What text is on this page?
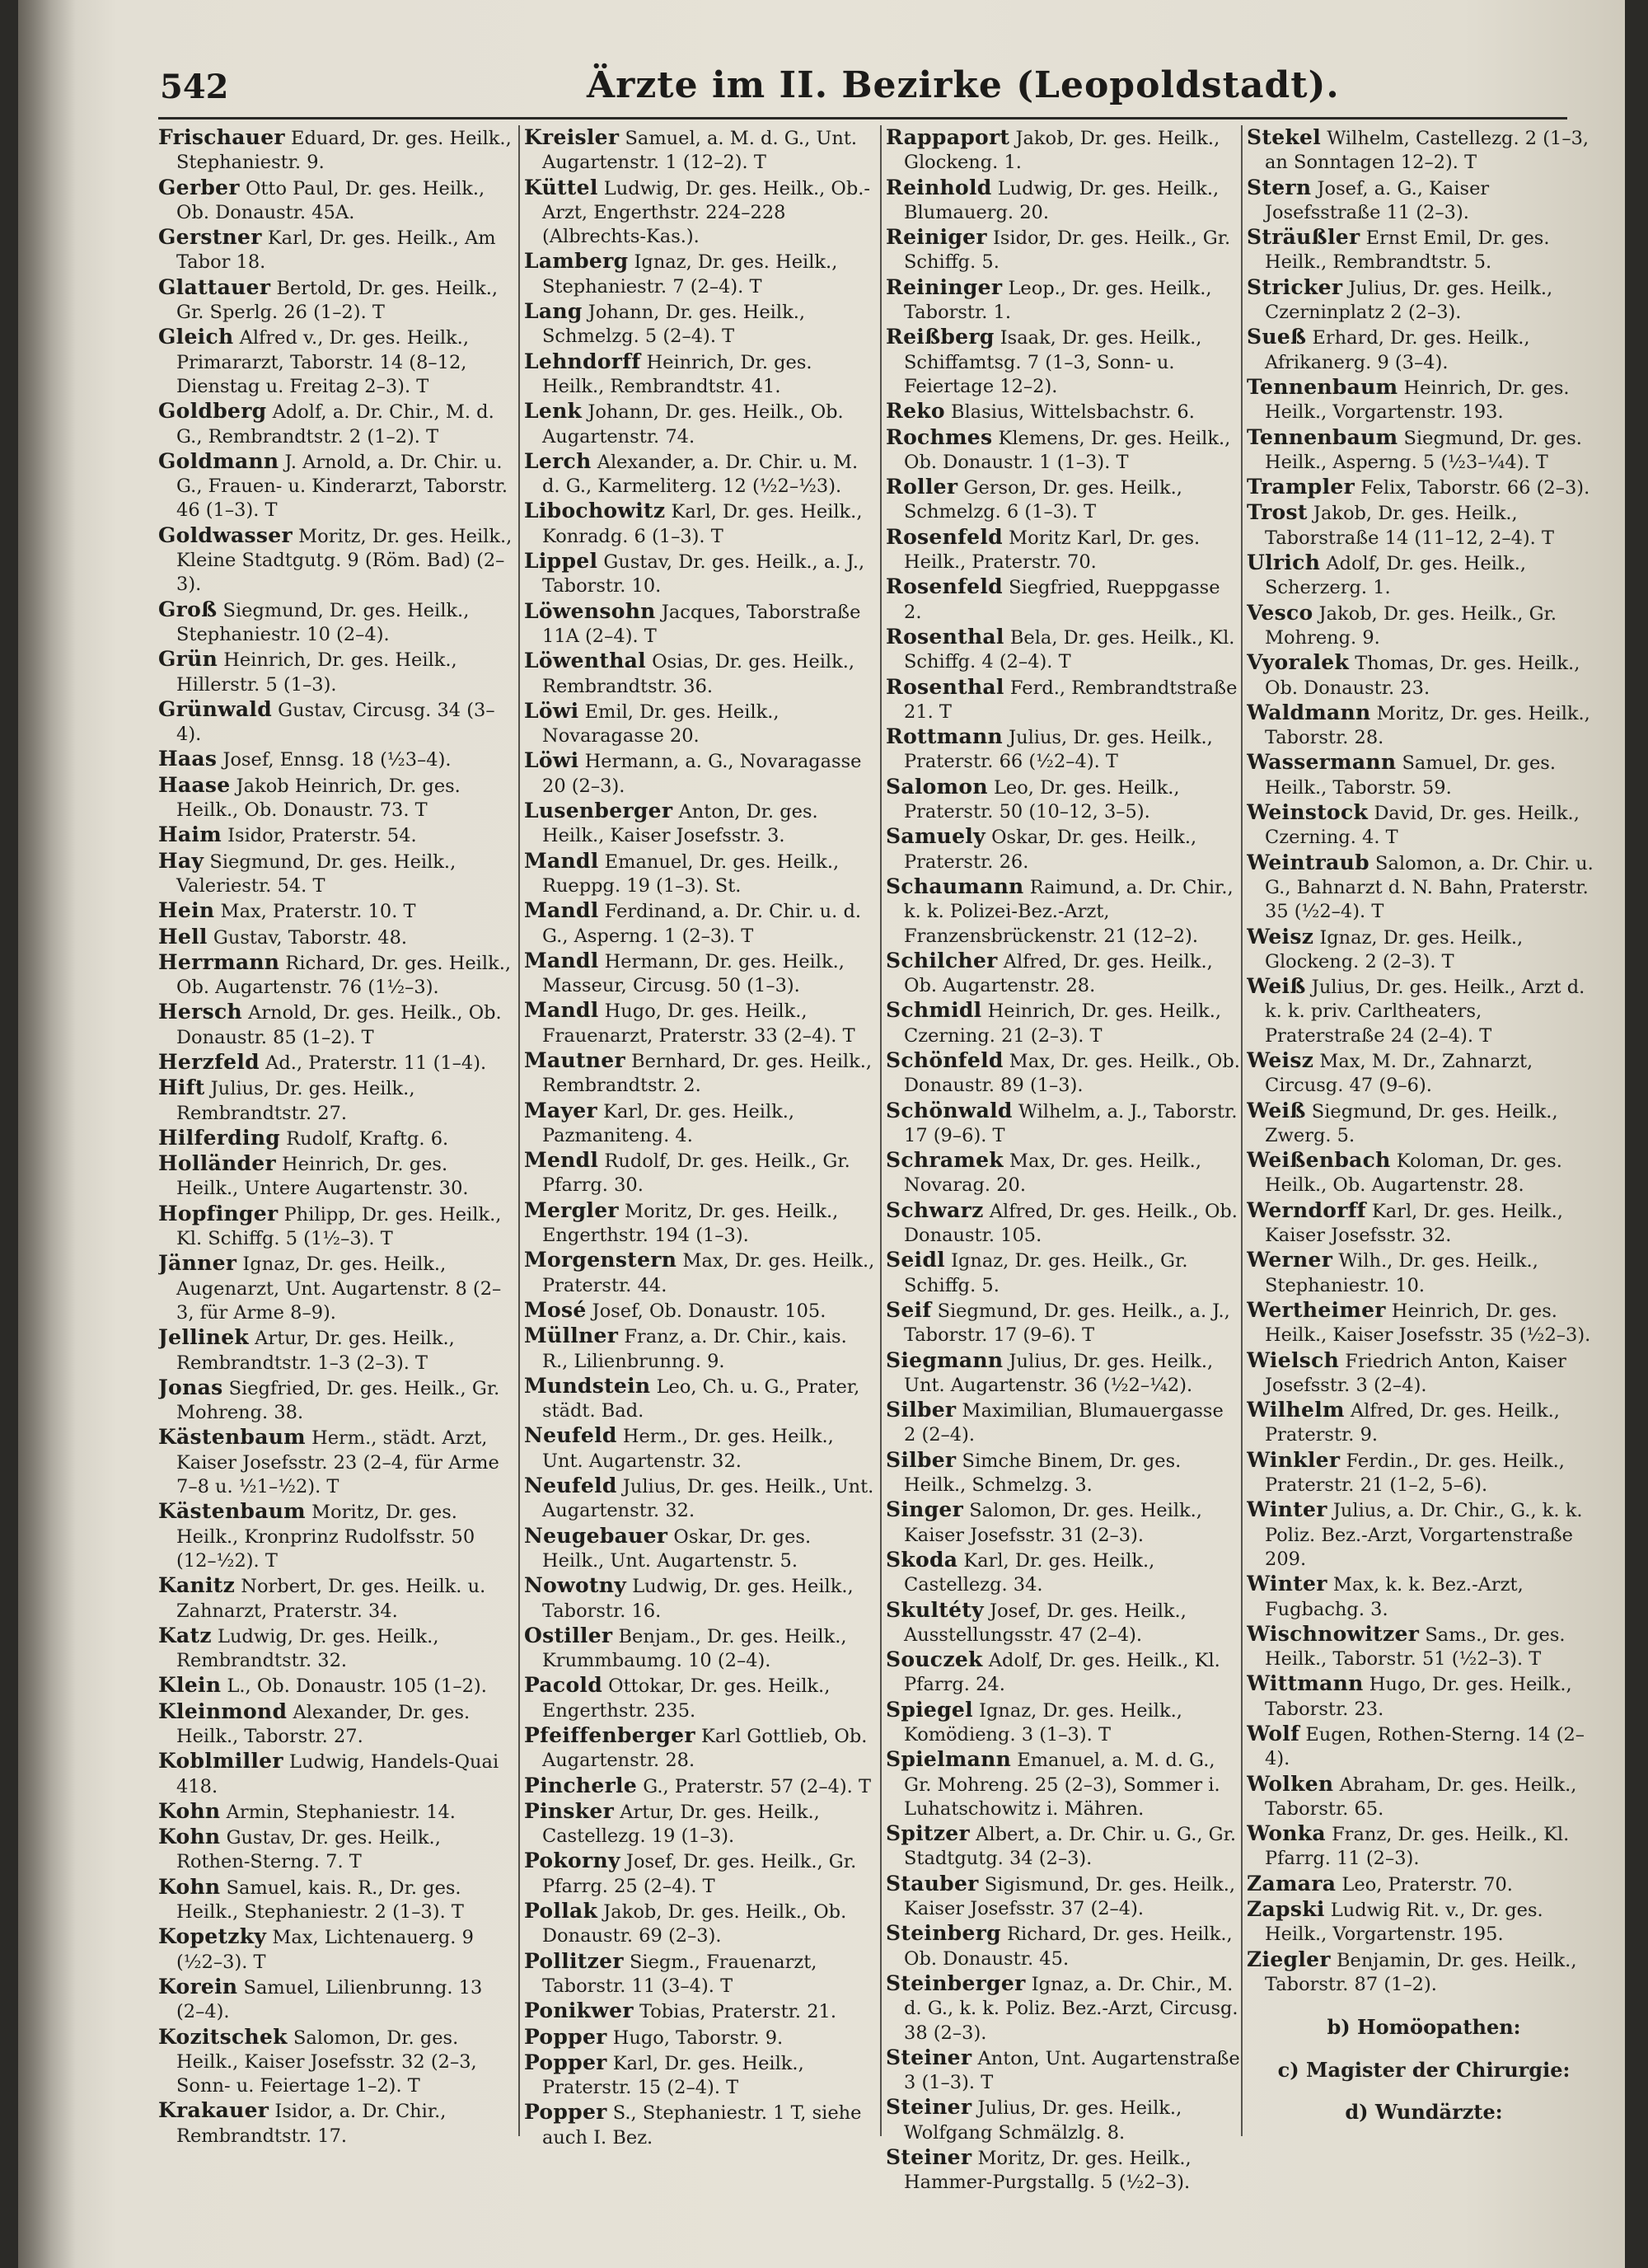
542	Ärzte im II. Bezirke (Leopoldstadt).

Frischauer Eduard, Dr. ges. Heilk., Stephaniestr. 9.

Gerber Otto Paul, Dr. ges. Heilk., Ob. Donaustr. 45A.

Gerstner Karl, Dr. ges. Heilk., Am Tabor 18.

Glattauer Bertold, Dr. ges. Heilk., Gr. Sperlg. 26 (1–2). T

Gleich Alfred v., Dr. ges. Heilk., Primararzt, Taborstr. 14 (8–12, Dienstag u. Freitag 2–3). T

Goldberg Adolf, a. Dr. Chir., M. d. G., Rembrandtstr. 2 (1–2). T

Goldmann J. Arnold, a. Dr. Chir. u. G., Frauen- u. Kinderarzt, Taborstr. 46 (1–3). T

Goldwasser Moritz, Dr. ges. Heilk., Kleine Stadtgutg. 9 (Röm. Bad) (2–3).

Groß Siegmund, Dr. ges. Heilk., Stephaniestr. 10 (2–4).

Grün Heinrich, Dr. ges. Heilk., Hillerstr. 5 (1–3).

Grünwald Gustav, Circusg. 34 (3–4).

Haas Josef, Ennsg. 18 (½3–4).

Haase Jakob Heinrich, Dr. ges. Heilk., Ob. Donaustr. 73. T

Haim Isidor, Praterstr. 54.

Hay Siegmund, Dr. ges. Heilk., Valeriestr. 54. T

Hein Max, Praterstr. 10. T

Hell Gustav, Taborstr. 48.

Herrmann Richard, Dr. ges. Heilk., Ob. Augartenstr. 76 (1½–3).

Hersch Arnold, Dr. ges. Heilk., Ob. Donaustr. 85 (1–2). T

Herzfeld Ad., Praterstr. 11 (1–4).

Hift Julius, Dr. ges. Heilk., Rembrandtstr. 27.

Hilferding Rudolf, Kraftg. 6.

Holländer Heinrich, Dr. ges. Heilk., Untere Augartenstr. 30.

Hopfinger Philipp, Dr. ges. Heilk., Kl. Schiffg. 5 (1½–3). T

Jänner Ignaz, Dr. ges. Heilk., Augenarzt, Unt. Augartenstr. 8 (2–3, für Arme 8–9).

Jellinek Artur, Dr. ges. Heilk., Rembrandtstr. 1–3 (2–3). T

Jonas Siegfried, Dr. ges. Heilk., Gr. Mohreng. 38.

Kästenbaum Herm., städt. Arzt, Kaiser Josefsstr. 23 (2–4, für Arme 7–8 u. ½1–½2). T

Kästenbaum Moritz, Dr. ges. Heilk., Kronprinz Rudolfsstr. 50 (12–½2). T

Kanitz Norbert, Dr. ges. Heilk. u. Zahnarzt, Praterstr. 34.

Katz Ludwig, Dr. ges. Heilk., Rembrandtstr. 32.

Klein L., Ob. Donaustr. 105 (1–2).

Kleinmond Alexander, Dr. ges. Heilk., Taborstr. 27.

Koblmiller Ludwig, Handels-Quai 418.

Kohn Armin, Stephaniestr. 14.

Kohn Gustav, Dr. ges. Heilk., Rothen-Sterng. 7. T

Kohn Samuel, kais. R., Dr. ges. Heilk., Stephaniestr. 2 (1–3). T

Kopetzky Max, Lichtenauerg. 9 (½2–3). T

Korein Samuel, Lilienbrunng. 13 (2–4).

Kozitschek Salomon, Dr. ges. Heilk., Kaiser Josefsstr. 32 (2–3, Sonn- u. Feiertage 1–2). T

Krakauer Isidor, a. Dr. Chir., Rembrandtstr. 17.

Kreisler Samuel, a. M. d. G., Unt. Augartenstr. 1 (12–2). T

Küttel Ludwig, Dr. ges. Heilk., Ob.-Arzt, Engerthstr. 224–228 (Albrechts-Kas.).

Lamberg Ignaz, Dr. ges. Heilk., Stephaniestr. 7 (2–4). T

Lang Johann, Dr. ges. Heilk., Schmelzg. 5 (2–4). T

Lehndorff Heinrich, Dr. ges. Heilk., Rembrandtstr. 41.

Lenk Johann, Dr. ges. Heilk., Ob. Augartenstr. 74.

Lerch Alexander, a. Dr. Chir. u. M. d. G., Karmeliterg. 12 (½2–½3).

Libochowitz Karl, Dr. ges. Heilk., Konradg. 6 (1–3). T

Lippel Gustav, Dr. ges. Heilk., a. J., Taborstr. 10.

Löwensohn Jacques, Taborstraße 11A (2–4). T

Löwenthal Osias, Dr. ges. Heilk., Rembrandtstr. 36.

Löwi Emil, Dr. ges. Heilk., Novaragasse 20.

Löwi Hermann, a. G., Novaragasse 20 (2–3).

Lusenberger Anton, Dr. ges. Heilk., Kaiser Josefsstr. 3.

Mandl Emanuel, Dr. ges. Heilk., Rueppg. 19 (1–3). St.

Mandl Ferdinand, a. Dr. Chir. u. d. G., Asperng. 1 (2–3). T

Mandl Hermann, Dr. ges. Heilk., Masseur, Circusg. 50 (1–3).

Mandl Hugo, Dr. ges. Heilk., Frauenarzt, Praterstr. 33 (2–4). T

Mautner Bernhard, Dr. ges. Heilk., Rembrandtstr. 2.

Mayer Karl, Dr. ges. Heilk., Pazmaniteng. 4.

Mendl Rudolf, Dr. ges. Heilk., Gr. Pfarrg. 30.

Mergler Moritz, Dr. ges. Heilk., Engerthstr. 194 (1–3).

Morgenstern Max, Dr. ges. Heilk., Praterstr. 44.

Mosé Josef, Ob. Donaustr. 105.

Müllner Franz, a. Dr. Chir., kais. R., Lilienbrunng. 9.

Mundstein Leo, Ch. u. G., Prater, städt. Bad.

Neufeld Herm., Dr. ges. Heilk., Unt. Augartenstr. 32.

Neufeld Julius, Dr. ges. Heilk., Unt. Augartenstr. 32.

Neugebauer Oskar, Dr. ges. Heilk., Unt. Augartenstr. 5.

Nowotny Ludwig, Dr. ges. Heilk., Taborstr. 16.

Ostiller Benjam., Dr. ges. Heilk., Krummbaumg. 10 (2–4).

Pacold Ottokar, Dr. ges. Heilk., Engerthstr. 235.

Pfeiffenberger Karl Gottlieb, Ob. Augartenstr. 28.

Pincherle G., Praterstr. 57 (2–4). T

Pinsker Artur, Dr. ges. Heilk., Castellezg. 19 (1–3).

Pokorny Josef, Dr. ges. Heilk., Gr. Pfarrg. 25 (2–4). T

Pollak Jakob, Dr. ges. Heilk., Ob. Donaustr. 69 (2–3).

Pollitzer Siegm., Frauenarzt, Taborstr. 11 (3–4). T

Ponikwer Tobias, Praterstr. 21.

Popper Hugo, Taborstr. 9.

Popper Karl, Dr. ges. Heilk., Praterstr. 15 (2–4). T

Popper S., Stephaniestr. 1 T, siehe auch I. Bez.

Rappaport Jakob, Dr. ges. Heilk., Glockeng. 1.

Reinhold Ludwig, Dr. ges. Heilk., Blumauerg. 20.

Reiniger Isidor, Dr. ges. Heilk., Gr. Schiffg. 5.

Reininger Leop., Dr. ges. Heilk., Taborstr. 1.

Reißberg Isaak, Dr. ges. Heilk., Schiffamtsg. 7 (1–3, Sonn- u. Feiertage 12–2).

Reko Blasius, Wittelsbachstr. 6.

Rochmes Klemens, Dr. ges. Heilk., Ob. Donaustr. 1 (1–3). T

Roller Gerson, Dr. ges. Heilk., Schmelzg. 6 (1–3). T

Rosenfeld Moritz Karl, Dr. ges. Heilk., Praterstr. 70.

Rosenfeld Siegfried, Rueppgasse 2.

Rosenthal Bela, Dr. ges. Heilk., Kl. Schiffg. 4 (2–4). T

Rosenthal Ferd., Rembrandtstraße 21. T

Rottmann Julius, Dr. ges. Heilk., Praterstr. 66 (½2–4). T

Salomon Leo, Dr. ges. Heilk., Praterstr. 50 (10–12, 3–5).

Samuely Oskar, Dr. ges. Heilk., Praterstr. 26.

Schaumann Raimund, a. Dr. Chir., k. k. Polizei-Bez.-Arzt, Franzensbrückenstr. 21 (12–2).

Schilcher Alfred, Dr. ges. Heilk., Ob. Augartenstr. 28.

Schmidl Heinrich, Dr. ges. Heilk., Czerning. 21 (2–3). T

Schönfeld Max, Dr. ges. Heilk., Ob. Donaustr. 89 (1–3).

Schönwald Wilhelm, a. J., Taborstr. 17 (9–6). T

Schramek Max, Dr. ges. Heilk., Novarag. 20.

Schwarz Alfred, Dr. ges. Heilk., Ob. Donaustr. 105.

Seidl Ignaz, Dr. ges. Heilk., Gr. Schiffg. 5.

Seif Siegmund, Dr. ges. Heilk., a. J., Taborstr. 17 (9–6). T

Siegmann Julius, Dr. ges. Heilk., Unt. Augartenstr. 36 (½2–¼2).

Silber Maximilian, Blumauergasse 2 (2–4).

Silber Simche Binem, Dr. ges. Heilk., Schmelzg. 3.

Singer Salomon, Dr. ges. Heilk., Kaiser Josefsstr. 31 (2–3).

Skoda Karl, Dr. ges. Heilk., Castellezg. 34.

Skultéty Josef, Dr. ges. Heilk., Ausstellungsstr. 47 (2–4).

Souczek Adolf, Dr. ges. Heilk., Kl. Pfarrg. 24.

Spiegel Ignaz, Dr. ges. Heilk., Komödieng. 3 (1–3). T

Spielmann Emanuel, a. M. d. G., Gr. Mohreng. 25 (2–3), Sommer i. Luhatschowitz i. Mähren.

Spitzer Albert, a. Dr. Chir. u. G., Gr. Stadtgutg. 34 (2–3).

Stauber Sigismund, Dr. ges. Heilk., Kaiser Josefsstr. 37 (2–4).

Steinberg Richard, Dr. ges. Heilk., Ob. Donaustr. 45.

Steinberger Ignaz, a. Dr. Chir., M. d. G., k. k. Poliz. Bez.-Arzt, Circusg. 38 (2–3).

Steiner Anton, Unt. Augartenstraße 3 (1–3). T

Steiner Julius, Dr. ges. Heilk., Wolfgang Schmälzlg. 8.

Steiner Moritz, Dr. ges. Heilk., Hammer-Purgstallg. 5 (½2–3).

Stekel Wilhelm, Castellezg. 2 (1–3, an Sonntagen 12–2). T

Stern Josef, a. G., Kaiser Josefsstraße 11 (2–3).

Sträußler Ernst Emil, Dr. ges. Heilk., Rembrandtstr. 5.

Stricker Julius, Dr. ges. Heilk., Czerninplatz 2 (2–3).

Sueß Erhard, Dr. ges. Heilk., Afrikanerg. 9 (3–4).

Tennenbaum Heinrich, Dr. ges. Heilk., Vorgartenstr. 193.

Tennenbaum Siegmund, Dr. ges. Heilk., Asperng. 5 (½3–¼4). T

Trampler Felix, Taborstr. 66 (2–3).

Trost Jakob, Dr. ges. Heilk., Taborstraße 14 (11–12, 2–4). T

Ulrich Adolf, Dr. ges. Heilk., Scherzerg. 1.

Vesco Jakob, Dr. ges. Heilk., Gr. Mohreng. 9.

Vyoralek Thomas, Dr. ges. Heilk., Ob. Donaustr. 23.

Waldmann Moritz, Dr. ges. Heilk., Taborstr. 28.

Wassermann Samuel, Dr. ges. Heilk., Taborstr. 59.

Weinstock David, Dr. ges. Heilk., Czerning. 4. T

Weintraub Salomon, a. Dr. Chir. u. G., Bahnarzt d. N. Bahn, Praterstr. 35 (½2–4). T

Weisz Ignaz, Dr. ges. Heilk., Glockeng. 2 (2–3). T

Weiß Julius, Dr. ges. Heilk., Arzt d. k. k. priv. Carltheaters, Praterstraße 24 (2–4). T

Weisz Max, M. Dr., Zahnarzt, Circusg. 47 (9–6).

Weiß Siegmund, Dr. ges. Heilk., Zwerg. 5.

Weißenbach Koloman, Dr. ges. Heilk., Ob. Augartenstr. 28.

Werndorff Karl, Dr. ges. Heilk., Kaiser Josefsstr. 32.

Werner Wilh., Dr. ges. Heilk., Stephaniestr. 10.

Wertheimer Heinrich, Dr. ges. Heilk., Kaiser Josefsstr. 35 (½2–3).

Wielsch Friedrich Anton, Kaiser Josefsstr. 3 (2–4).

Wilhelm Alfred, Dr. ges. Heilk., Praterstr. 9.

Winkler Ferdin., Dr. ges. Heilk., Praterstr. 21 (1–2, 5–6).

Winter Julius, a. Dr. Chir., G., k. k. Poliz. Bez.-Arzt, Vorgartenstraße 209.

Winter Max, k. k. Bez.-Arzt, Fugbachg. 3.

Wischnowitzer Sams., Dr. ges. Heilk., Taborstr. 51 (½2–3). T

Wittmann Hugo, Dr. ges. Heilk., Taborstr. 23.

Wolf Eugen, Rothen-Sterng. 14 (2–4).

Wolken Abraham, Dr. ges. Heilk., Taborstr. 65.

Wonka Franz, Dr. ges. Heilk., Kl. Pfarrg. 11 (2–3).

Zamara Leo, Praterstr. 70.

Zapski Ludwig Rit. v., Dr. ges. Heilk., Vorgartenstr. 195.

Ziegler Benjamin, Dr. ges. Heilk., Taborstr. 87 (1–2).

b) Homöopathen:
c) Magister der Chirurgie:
d) Wundärzte:
